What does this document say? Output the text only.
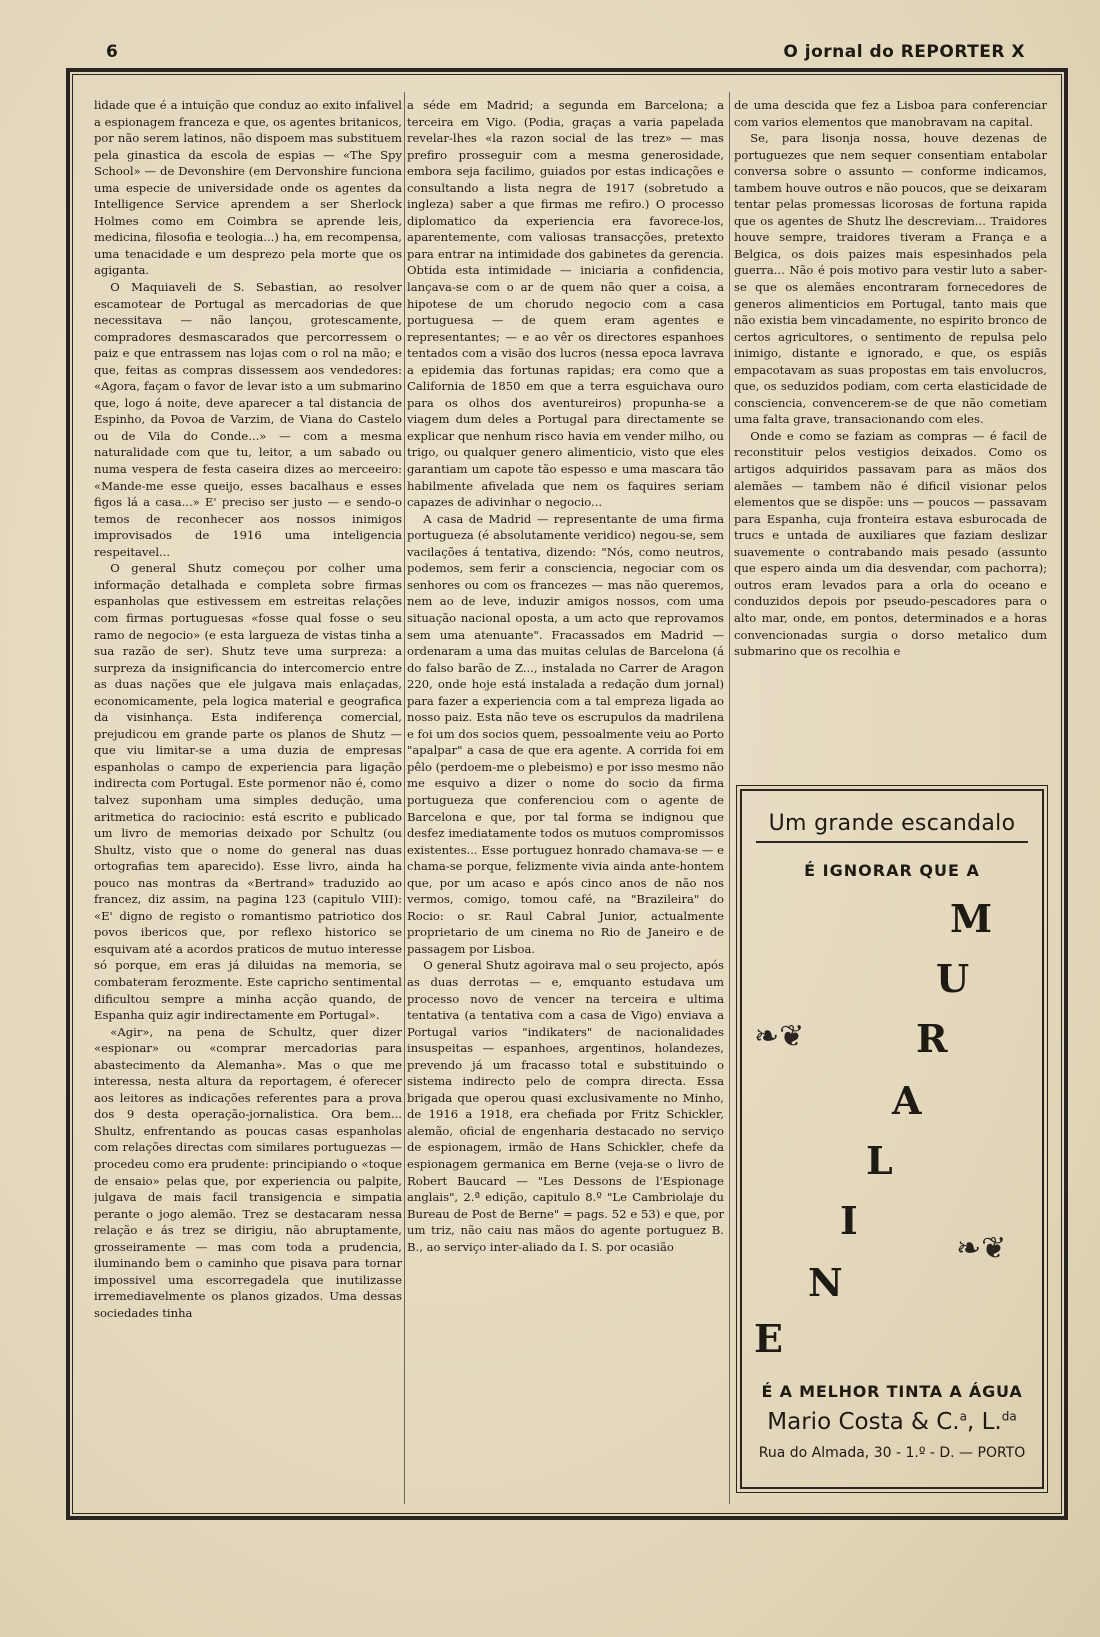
6	O jornal do REPORTER X

lidade que é a intuição que conduz ao exito infalivel a espionagem franceza e que, os agentes britanicos, por não serem latinos, não dispoem mas substituem pela ginastica da escola de espias — «The Spy School» — de Devonshire (em Dervonshire funciona uma especie de universidade onde os agentes da Intelligence Service aprendem a ser Sherlock Holmes como em Coimbra se aprende leis, medicina, filosofia e teologia...) ha, em recompensa, uma tenacidade e um desprezo pela morte que os agiganta.

O Maquiaveli de S. Sebastian, ao resolver escamotear de Portugal as mercadorias de que necessitava — não lançou, grotescamente, compradores desmascarados que percorressem o paiz e que entrassem nas lojas com o rol na mão; e que, feitas as compras dissessem aos vendedores: «Agora, façam o favor de levar isto a um submarino que, logo á noite, deve aparecer a tal distancia de Espinho, da Povoa de Varzim, de Viana do Castelo ou de Vila do Conde...» — com a mesma naturalidade com que tu, leitor, a um sabado ou numa vespera de festa caseira dizes ao merceeiro: «Mande-me esse queijo, esses bacalhaus e esses figos lá a casa...» E' preciso ser justo — e sendo-o temos de reconhecer aos nossos inimigos improvisados de 1916 uma inteligencia respeitavel...

O general Shutz começou por colher uma informação detalhada e completa sobre firmas espanholas que estivessem em estreitas relações com firmas portuguesas «fosse qual fosse o seu ramo de negocio» (e esta largueza de vistas tinha a sua razão de ser). Shutz teve uma surpreza: a surpreza da insignificancia do intercomercio entre as duas nações que ele julgava mais enlaçadas, economicamente, pela logica material e geografica da visinhança. Esta indiferença comercial, prejudicou em grande parte os planos de Shutz — que viu limitar-se a uma duzia de empresas espanholas o campo de experiencia para ligação indirecta com Portugal. Este pormenor não é, como talvez suponham uma simples dedução, uma aritmetica do raciocinio: está escrito e publicado um livro de memorias deixado por Schultz (ou Shultz, visto que o nome do general nas duas ortografias tem aparecido). Esse livro, ainda ha pouco nas montras da «Bertrand» traduzido ao francez, diz assim, na pagina 123 (capitulo VIII): «E' digno de registo o romantismo patriotico dos povos ibericos que, por reflexo historico se esquivam até a acordos praticos de mutuo interesse só porque, em eras já diluidas na memoria, se combateram ferozmente. Este capricho sentimental dificultou sempre a minha acção quando, de Espanha quiz agir indirectamente em Portugal».

«Agir», na pena de Schultz, quer dizer «espionar» ou «comprar mercadorias para abastecimento da Alemanha». Mas o que me interessa, nesta altura da reportagem, é oferecer aos leitores as indicações referentes para a prova dos 9 desta operação-jornalistica. Ora bem... Shultz, enfrentando as poucas casas espanholas com relações directas com similares portuguezas — procedeu como era prudente: principiando o «toque de ensaio» pelas que, por experiencia ou palpite, julgava de mais facil transigencia e simpatia perante o jogo alemão. Trez se destacaram nessa relação e ás trez se dirigiu, não abruptamente, grosseiramente — mas com toda a prudencia, iluminando bem o caminho que pisava para tornar impossivel uma escorregadela que inutilizasse irremediavelmente os planos gizados. Uma dessas sociedades tinha

a séde em Madrid; a segunda em Barcelona; a terceira em Vigo. (Podia, graças a varia papelada revelar-lhes «la razon social de las trez» — mas prefiro prosseguir com a mesma generosidade, embora seja facilimo, guiados por estas indicações e consultando a lista negra de 1917 (sobretudo a ingleza) saber a que firmas me refiro.) O processo diplomatico da experiencia era favorece-los, aparentemente, com valiosas transacções, pretexto para entrar na intimidade dos gabinetes da gerencia. Obtida esta intimidade — iniciaria a confidencia, lançava-se com o ar de quem não quer a coisa, a hipotese de um chorudo negocio com a casa portuguesa — de quem eram agentes e representantes; — e ao vêr os directores espanhoes tentados com a visão dos lucros (nessa epoca lavrava a epidemia das fortunas rapidas; era como que a California de 1850 em que a terra esguichava ouro para os olhos dos aventureiros) propunha-se a viagem dum deles a Portugal para directamente se explicar que nenhum risco havia em vender milho, ou trigo, ou qualquer genero alimenticio, visto que eles garantiam um capote tão espesso e uma mascara tão habilmente afivelada que nem os faquires seriam capazes de adivinhar o negocio...

A casa de Madrid — representante de uma firma portugueza (é absolutamente veridico) negou-se, sem vacilações á tentativa, dizendo: "Nós, como neutros, podemos, sem ferir a consciencia, negociar com os senhores ou com os francezes — mas não queremos, nem ao de leve, induzir amigos nossos, com uma situação nacional oposta, a um acto que reprovamos sem uma atenuante". Fracassados em Madrid — ordenaram a uma das muitas celulas de Barcelona (á do falso barão de Z..., instalada no Carrer de Aragon 220, onde hoje está instalada a redação dum jornal) para fazer a experiencia com a tal empreza ligada ao nosso paiz. Esta não teve os escrupulos da madrilena e foi um dos socios quem, pessoalmente veiu ao Porto "apalpar" a casa de que era agente. A corrida foi em pêlo (perdoem-me o plebeismo) e por isso mesmo não me esquivo a dizer o nome do socio da firma portugueza que conferenciou com o agente de Barcelona e que, por tal forma se indignou que desfez imediatamente todos os mutuos compromissos existentes... Esse portuguez honrado chamava-se — e chama-se porque, felizmente vivia ainda ante-hontem que, por um acaso e após cinco anos de não nos vermos, comigo, tomou café, na "Brazileira" do Rocio: o sr. Raul Cabral Junior, actualmente proprietario de um cinema no Rio de Janeiro e de passagem por Lisboa.

O general Shutz agoirava mal o seu projecto, após as duas derrotas — e, emquanto estudava um processo novo de vencer na terceira e ultima tentativa (a tentativa com a casa de Vigo) enviava a Portugal varios "indikaters" de nacionalidades insuspeitas — espanhoes, argentinos, holandezes, prevendo já um fracasso total e substituindo o sistema indirecto pelo de compra directa. Essa brigada que operou quasi exclusivamente no Minho, de 1916 a 1918, era chefiada por Fritz Schickler, alemão, oficial de engenharia destacado no serviço de espionagem, irmão de Hans Schickler, chefe da espionagem germanica em Berne (veja-se o livro de Robert Baucard — "Les Dessons de l'Espionage anglais", 2.ª edição, capitulo 8.º "Le Cambriolaje du Bureau de Post de Berne" = pags. 52 e 53) e que, por um triz, não caiu nas mãos do agente portuguez B. B., ao serviço inter-aliado da I. S. por ocasião

de uma descida que fez a Lisboa para conferenciar com varios elementos que manobravam na capital.

Se, para lisonja nossa, houve dezenas de portuguezes que nem sequer consentiam entabolar conversa sobre o assunto — conforme indicamos, tambem houve outros e não poucos, que se deixaram tentar pelas promessas licorosas de fortuna rapida que os agentes de Shutz lhe descreviam... Traidores houve sempre, traidores tiveram a França e a Belgica, os dois paizes mais espesinhados pela guerra... Não é pois motivo para vestir luto a saber-se que os alemães encontraram fornecedores de generos alimenticios em Portugal, tanto mais que não existia bem vincadamente, no espirito bronco de certos agricultores, o sentimento de repulsa pelo inimigo, distante e ignorado, e que, os espiãs empacotavam as suas propostas em tais envolucros, que, os seduzidos podiam, com certa elasticidade de consciencia, convencerem-se de que não cometiam uma falta grave, transacionando com eles.

Onde e como se faziam as compras — é facil de reconstituir pelos vestigios deixados. Como os artigos adquiridos passavam para as mãos dos alemães — tambem não é dificil visionar pelos elementos que se dispõe: uns — poucos — passavam para Espanha, cuja fronteira estava esburocada de trucs e untada de auxiliares que faziam deslizar suavemente o contrabando mais pesado (assunto que espero ainda um dia desvendar, com pachorra); outros eram levados para a orla do oceano e conduzidos depois por pseudo-pescadores para o alto mar, onde, em pontos, determinados e a horas convencionadas surgia o dorso metalico dum submarino que os recolhia e

Um grande escandalo
É IGNORAR QUE A
M
U
R
A
L
I
N
E
❧❦
❧❦
É A MELHOR TINTA A ÁGUA
Mario Costa & C.$^a$, L.$^{da}$
Rua do Almada, 30 - 1.º - D. — PORTO
